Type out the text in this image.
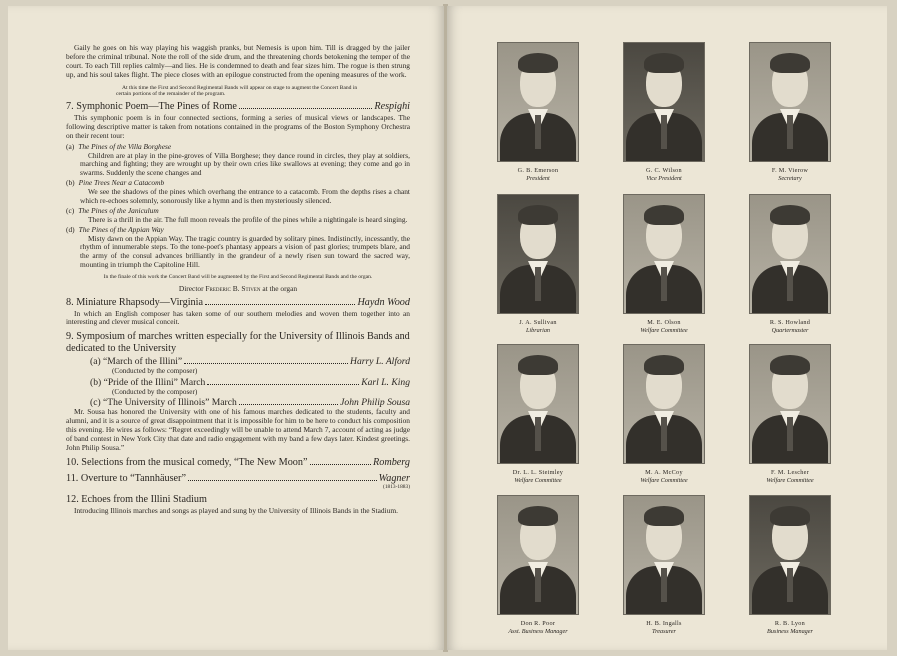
Gaily he goes on his way playing his waggish pranks, but Nemesis is upon him. Till is dragged by the jailer before the criminal tribunal. Note the roll of the side drum, and the threatening chords betokening the temper of the court. To each Till replies calmly—and lies. He is condemned to death and fear sizes him. The rogue is then strung up, and his soul takes flight. The piece closes with an epilogue constructed from the opening measures of the work.

At this time the First and Second Regimental Bands will appear on stage to augment the Concert Band in certain portions of the remainder of the program.

7. Symphonic Poem—The Pines of Rome	Respighi

This symphonic poem is in four connected sections, forming a series of musical views or landscapes. The following descriptive matter is taken from notations contained in the programs of the Boston Symphony Orchestra on their recent tour:

(a) The Pines of the Villa Borghese

Children are at play in the pine-groves of Villa Borghese; they dance round in circles, they play at soldiers, marching and fighting; they are wrought up by their own cries like swallows at evening; they come and go in swarms. Suddenly the scene changes and

(b) Pine Trees Near a Catacomb

We see the shadows of the pines which overhang the entrance to a catacomb. From the depths rises a chant which re-echoes solemnly, sonorously like a hymn and is then mysteriously silenced.

(c) The Pines of the Janiculum

There is a thrill in the air. The full moon reveals the profile of the pines while a nightingale is heard singing.

(d) The Pines of the Appian Way

Misty dawn on the Appian Way. The tragic country is guarded by solitary pines. Indistinctly, incessantly, the rhythm of innumerable steps. To the tone-poet's phantasy appears a vision of past glories; trumpets blare, and the army of the consul advances brilliantly in the grandeur of a newly risen sun toward the sacred way, mounting in triumph the Capitoline Hill.

In the finale of this work the Concert Band will be augmented by the First and Second Regimental Bands and the organ.

Director Frederic B. Stiven at the organ

8. Miniature Rhapsody—Virginia	Haydn Wood

In which an English composer has taken some of our southern melodies and woven them together into an interesting and clever musical conceit.

9. Symposium of marches written especially for the University of Illinois Bands and dedicated to the University
(a) “March of the Illini”	Harry L. Alford

(Conducted by the composer)

(b) “Pride of the Illini” March	Karl L. King

(Conducted by the composer)

(c) “The University of Illinois” March	John Philip Sousa

Mr. Sousa has honored the University with one of his famous marches dedicated to the students, faculty and alumni, and it is a source of great disappointment that it is impossible for him to be here to conduct his composition this evening. He wires as follows: “Regret exceedingly will be unable to attend March 7, account of acting as judge of band contest in New York City that date and radio engagement with my band a few days later. Kindest greetings. John Philip Sousa.”

10. Selections from the musical comedy, “The New Moon”	Romberg
11. Overture to “Tannhäuser”	Wagner

(1813-1883)

12. Echoes from the Illini Stadium

Introducing Illinois marches and songs as played and sung by the University of Illinois Bands in the Stadium.

G. B. Emerson
President
G. C. Wilson
Vice President
F. M. Vierow
Secretary
J. A. Sullivan
Librarian
M. E. Olson
Welfare Committee
R. S. Howland
Quartermaster
Dr. L. L. Steimley
Welfare Committee
M. A. McCoy
Welfare Committee
F. M. Lescher
Welfare Committee
Don R. Poor
Asst. Business Manager
H. B. Ingalls
Treasurer
R. B. Lyon
Business Manager
